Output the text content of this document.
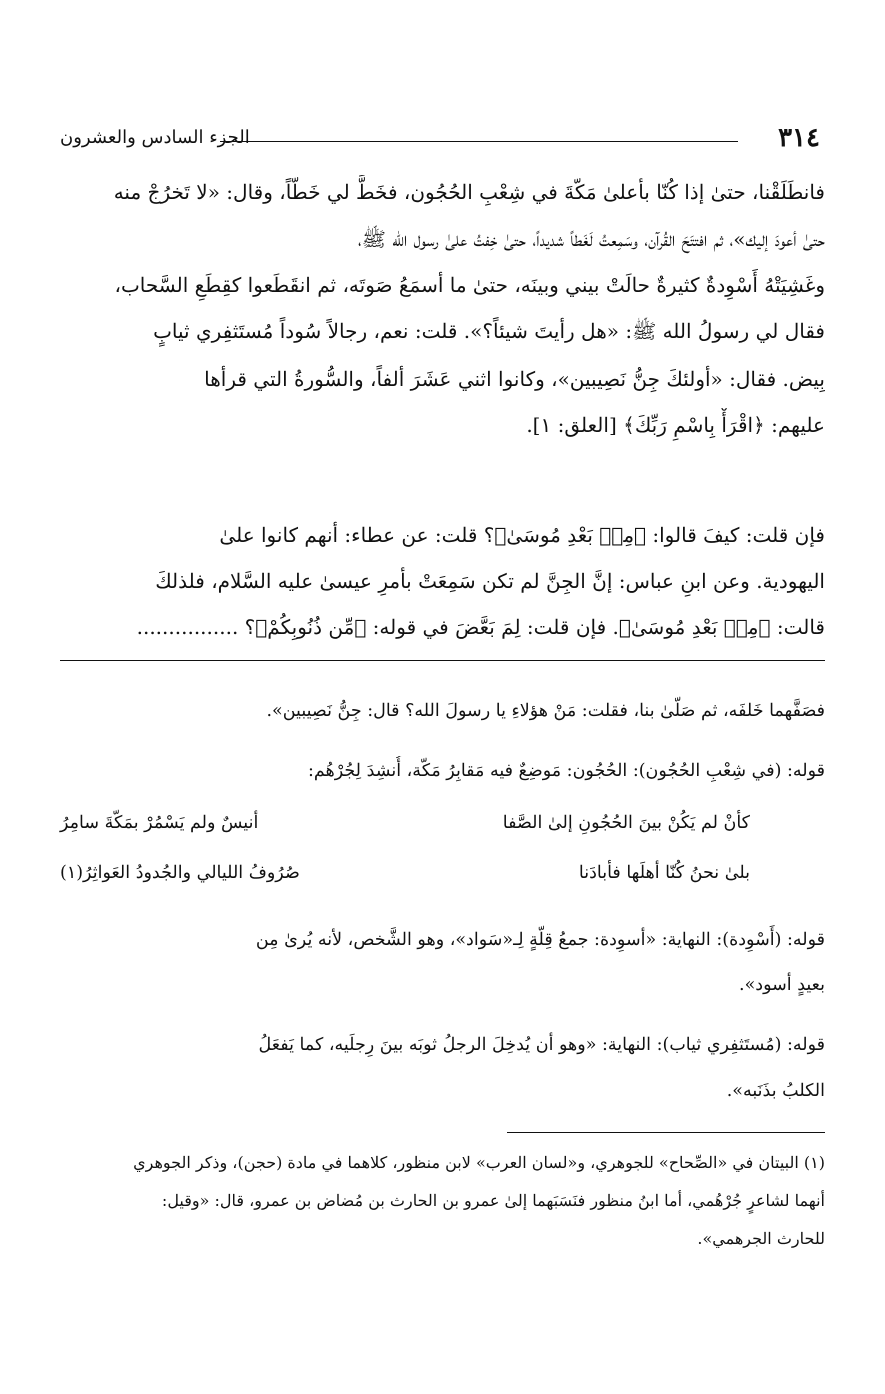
٣١٤
الجزء السادس والعشرون
فانطَلَقْنا، حتىٰ إذا كُنّا بأعلىٰ مَكّةَ في شِعْبِ الحُجُون، فخَطَّ لي خَطّاً، وقال: «لا تَخرُجْ منه
حتىٰ أعودَ إليك»، ثم افتتَحَ القُرآن، وسَمِعتُ لَغَطاً شديداً، حتىٰ خِفتُ علىٰ رسول الله ﷺ،
وغَشِيَتْهُ أَسْوِدةٌ كثيرةٌ حالَتْ بيني وبينَه، حتىٰ ما أسمَعُ صَوتَه، ثم انقَطَعوا كقِطَعِ السَّحاب،
فقال لي رسولُ الله ﷺ: «هل رأيتَ شيئاً؟». قلت: نعم، رجالاً سُوداً مُستَثفِري ثيابٍ
بِيض. فقال: «أولئكَ جِنُّ نَصِيبين»، وكانوا اثني عَشَرَ ألفاً، والسُّورةُ التي قرأها
عليهم: ﴿اقْرَأْ بِاسْمِ رَبِّكَ﴾ [العلق: ١].
فإن قلت: كيفَ قالوا: ﴿مِنۢ بَعْدِ مُوسَىٰ﴾؟ قلت: عن عطاء: أنهم كانوا علىٰ
اليهودية. وعن ابنِ عباس: إنَّ الجِنَّ لم تكن سَمِعَتْ بأمرِ عيسىٰ عليه السَّلام، فلذلكَ
قالت: ﴿مِنۢ بَعْدِ مُوسَىٰ﴾. فإن قلت: لِمَ بَعَّضَ في قوله: ﴿مِّن ذُنُوبِكُمْ﴾؟ ................
فصَفَّهما خَلفَه، ثم صَلّىٰ بنا، فقلت: مَنْ هؤلاءِ يا رسولَ الله؟ قال: جِنُّ نَصِيبين».
قوله: (في شِعْبِ الحُجُون): الحُجُون: مَوضِعٌ فيه مَقابِرُ مَكّة، أُنشِدَ لِجُرْهُم:
كأنْ لم يَكُنْ بينَ الحُجُونِ إلىٰ الصَّفا
أنيسٌ ولم يَسْمُرْ بمَكّةَ سامِرُ
بلىٰ نحنُ كُنّا أهلَها فأبادَنا
صُرُوفُ الليالي والجُدودُ العَواثِرُ(١)
قوله: (أَسْوِدة): النهاية: «أسوِدة: جمعُ قِلّةٍ لِـ«سَواد»، وهو الشَّخص، لأنه يُرىٰ مِن
بعيدٍ أسود».
قوله: (مُستَثفِري ثياب): النهاية: «وهو أن يُدخِلَ الرجلُ ثوبَه بينَ رِجلَيه، كما يَفعَلُ
الكلبُ بذَنَبه».
(١) البيتان في «الصِّحاح» للجوهري، و«لسان العرب» لابن منظور، كلاهما في مادة (حجن)، وذكر الجوهري
أنهما لشاعرٍ جُرْهُمي، أما ابنُ منظور فنَسَبَهما إلىٰ عمرو بن الحارث بن مُضاض بن عمرو، قال: «وقيل:
للحارث الجرهمي».
